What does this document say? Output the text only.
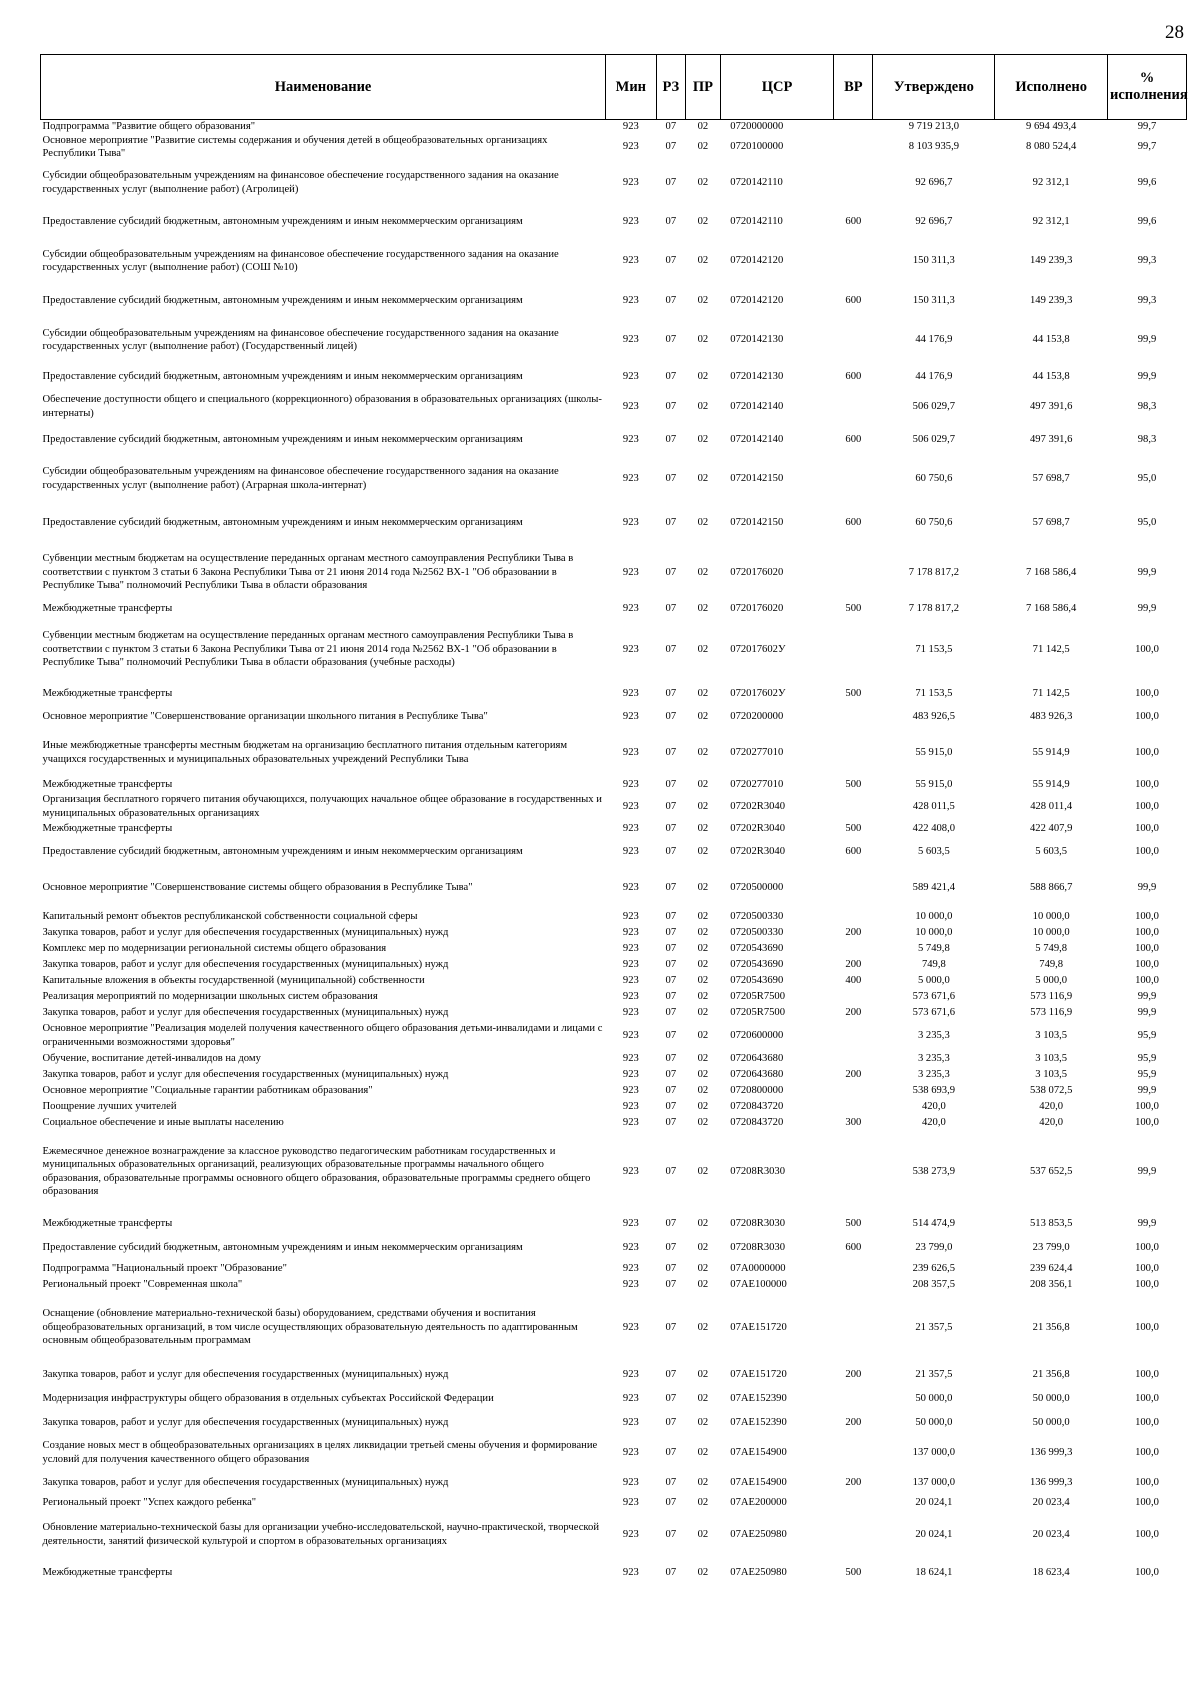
28
Наименование	Мин	РЗ	ПР	ЦСР	ВР	Утверждено	Исполнено	% исполнения
Подпрограмма "Развитие общего образования"	923	07	02	0720000000		9 719 213,0	9 694 493,4	99,7
Основное мероприятие "Развитие системы содержания и обучения детей в общеобразовательных организациях Республики Тыва"	923	07	02	0720100000		8 103 935,9	8 080 524,4	99,7
Субсидии общеобразовательным учреждениям на финансовое обеспечение государственного задания на оказание государственных услуг (выполнение работ) (Агролицей)	923	07	02	0720142110		92 696,7	92 312,1	99,6
Предоставление субсидий бюджетным, автономным учреждениям и иным некоммерческим организациям	923	07	02	0720142110	600	92 696,7	92 312,1	99,6
Субсидии общеобразовательным учреждениям на финансовое обеспечение государственного задания на оказание государственных услуг (выполнение работ) (СОШ №10)	923	07	02	0720142120		150 311,3	149 239,3	99,3
Предоставление субсидий бюджетным, автономным учреждениям и иным некоммерческим организациям	923	07	02	0720142120	600	150 311,3	149 239,3	99,3
Субсидии общеобразовательным учреждениям на финансовое обеспечение государственного задания на оказание государственных услуг (выполнение работ) (Государственный лицей)	923	07	02	0720142130		44 176,9	44 153,8	99,9
Предоставление субсидий бюджетным, автономным учреждениям и иным некоммерческим организациям	923	07	02	0720142130	600	44 176,9	44 153,8	99,9
Обеспечение доступности общего и специального (коррекционного) образования в образовательных организациях (школы-интернаты)	923	07	02	0720142140		506 029,7	497 391,6	98,3
Предоставление субсидий бюджетным, автономным учреждениям и иным некоммерческим организациям	923	07	02	0720142140	600	506 029,7	497 391,6	98,3
Субсидии общеобразовательным учреждениям на финансовое обеспечение государственного задания на оказание государственных услуг (выполнение работ) (Аграрная школа-интернат)	923	07	02	0720142150		60 750,6	57 698,7	95,0
Предоставление субсидий бюджетным, автономным учреждениям и иным некоммерческим организациям	923	07	02	0720142150	600	60 750,6	57 698,7	95,0
Субвенции местным бюджетам на осуществление переданных органам местного самоуправления Республики Тыва в соответствии с пунктом 3 статьи 6 Закона Республики Тыва от 21 июня 2014 года №2562 ВХ-1 "Об образовании в Республике Тыва" полномочий Республики Тыва в области образования	923	07	02	0720176020		7 178 817,2	7 168 586,4	99,9
Межбюджетные трансферты	923	07	02	0720176020	500	7 178 817,2	7 168 586,4	99,9
Субвенции местным бюджетам на осуществление переданных органам местного самоуправления Республики Тыва в соответствии с пунктом 3 статьи 6 Закона Республики Тыва от 21 июня 2014 года №2562 ВХ-1 "Об образовании в Республике Тыва" полномочий Республики Тыва в области образования (учебные расходы)	923	07	02	072017602У		71 153,5	71 142,5	100,0
Межбюджетные трансферты	923	07	02	072017602У	500	71 153,5	71 142,5	100,0
Основное мероприятие "Совершенствование организации школьного питания в Республике Тыва"	923	07	02	0720200000		483 926,5	483 926,3	100,0
Иные межбюджетные трансферты местным бюджетам на организацию бесплатного питания отдельным категориям учащихся государственных и муниципальных образовательных учреждений Республики Тыва	923	07	02	0720277010		55 915,0	55 914,9	100,0
Межбюджетные трансферты	923	07	02	0720277010	500	55 915,0	55 914,9	100,0
Организация бесплатного горячего питания обучающихся, получающих начальное общее образование в государственных и муниципальных образовательных организациях	923	07	02	07202R3040		428 011,5	428 011,4	100,0
Межбюджетные трансферты	923	07	02	07202R3040	500	422 408,0	422 407,9	100,0
Предоставление субсидий бюджетным, автономным учреждениям и иным некоммерческим организациям	923	07	02	07202R3040	600	5 603,5	5 603,5	100,0
Основное мероприятие "Совершенствование системы общего образования в Республике Тыва"	923	07	02	0720500000		589 421,4	588 866,7	99,9
Капитальный ремонт объектов республиканской собственности социальной сферы	923	07	02	0720500330		10 000,0	10 000,0	100,0
Закупка товаров, работ и услуг для обеспечения государственных (муниципальных) нужд	923	07	02	0720500330	200	10 000,0	10 000,0	100,0
Комплекс мер по модернизации региональной системы общего образования	923	07	02	0720543690		5 749,8	5 749,8	100,0
Закупка товаров, работ и услуг для обеспечения государственных (муниципальных) нужд	923	07	02	0720543690	200	749,8	749,8	100,0
Капитальные вложения в объекты государственной (муниципальной) собственности	923	07	02	0720543690	400	5 000,0	5 000,0	100,0
Реализация мероприятий по модернизации школьных систем образования	923	07	02	07205R7500		573 671,6	573 116,9	99,9
Закупка товаров, работ и услуг для обеспечения государственных (муниципальных) нужд	923	07	02	07205R7500	200	573 671,6	573 116,9	99,9
Основное мероприятие "Реализация моделей получения качественного общего образования детьми-инвалидами и лицами с ограниченными возможностями здоровья"	923	07	02	0720600000		3 235,3	3 103,5	95,9
Обучение, воспитание детей-инвалидов на дому	923	07	02	0720643680		3 235,3	3 103,5	95,9
Закупка товаров, работ и услуг для обеспечения государственных (муниципальных) нужд	923	07	02	0720643680	200	3 235,3	3 103,5	95,9
Основное мероприятие "Социальные гарантии работникам образования"	923	07	02	0720800000		538 693,9	538 072,5	99,9
Поощрение лучших учителей	923	07	02	0720843720		420,0	420,0	100,0
Социальное обеспечение и иные выплаты населению	923	07	02	0720843720	300	420,0	420,0	100,0
Ежемесячное денежное вознаграждение за классное руководство педагогическим работникам государственных и муниципальных образовательных организаций, реализующих образовательные программы начального общего образования, образовательные программы основного общего образования, образовательные программы среднего общего образования	923	07	02	07208R3030		538 273,9	537 652,5	99,9
Межбюджетные трансферты	923	07	02	07208R3030	500	514 474,9	513 853,5	99,9
Предоставление субсидий бюджетным, автономным учреждениям и иным некоммерческим организациям	923	07	02	07208R3030	600	23 799,0	23 799,0	100,0
Подпрограмма "Национальный проект "Образование"	923	07	02	07A0000000		239 626,5	239 624,4	100,0
Региональный проект "Современная школа"	923	07	02	07AE100000		208 357,5	208 356,1	100,0
Оснащение (обновление материально-технической базы) оборудованием, средствами обучения и воспитания общеобразовательных организаций, в том числе осуществляющих образовательную деятельность по адаптированным основным общеобразовательным программам	923	07	02	07AE151720		21 357,5	21 356,8	100,0
Закупка товаров, работ и услуг для обеспечения государственных (муниципальных) нужд	923	07	02	07AE151720	200	21 357,5	21 356,8	100,0
Модернизация инфраструктуры общего образования в отдельных субъектах Российской Федерации	923	07	02	07AE152390		50 000,0	50 000,0	100,0
Закупка товаров, работ и услуг для обеспечения государственных (муниципальных) нужд	923	07	02	07AE152390	200	50 000,0	50 000,0	100,0
Создание новых мест в общеобразовательных организациях в целях ликвидации третьей смены обучения и формирование условий для получения качественного общего образования	923	07	02	07AE154900		137 000,0	136 999,3	100,0
Закупка товаров, работ и услуг для обеспечения государственных (муниципальных) нужд	923	07	02	07AE154900	200	137 000,0	136 999,3	100,0
Региональный проект "Успех каждого ребенка"	923	07	02	07AE200000		20 024,1	20 023,4	100,0
Обновление материально-технической базы для организации учебно-исследовательской, научно-практической, творческой деятельности, занятий физической культурой и спортом в образовательных организациях	923	07	02	07AE250980		20 024,1	20 023,4	100,0
Межбюджетные трансферты	923	07	02	07AE250980	500	18 624,1	18 623,4	100,0
